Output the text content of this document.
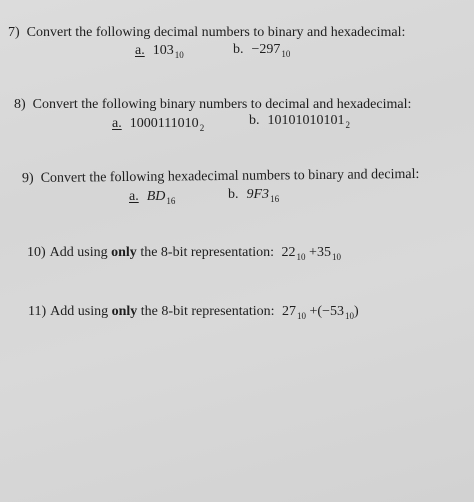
7) Convert the following decimal numbers to binary and hexadecimal:
a. $103_{10}$	b. $-297_{10}$
8) Convert the following binary numbers to decimal and hexadecimal:
a. $1000111010_2$	b. $10101010101_2$
9) Convert the following hexadecimal numbers to binary and decimal:
a. $BD_{16}$	b. $9F3_{16}$
10) Add using only the 8-bit representation: $22_{10} +35_{10}$
11) Add using only the 8-bit representation: $27_{10} +(-53_{10})$
